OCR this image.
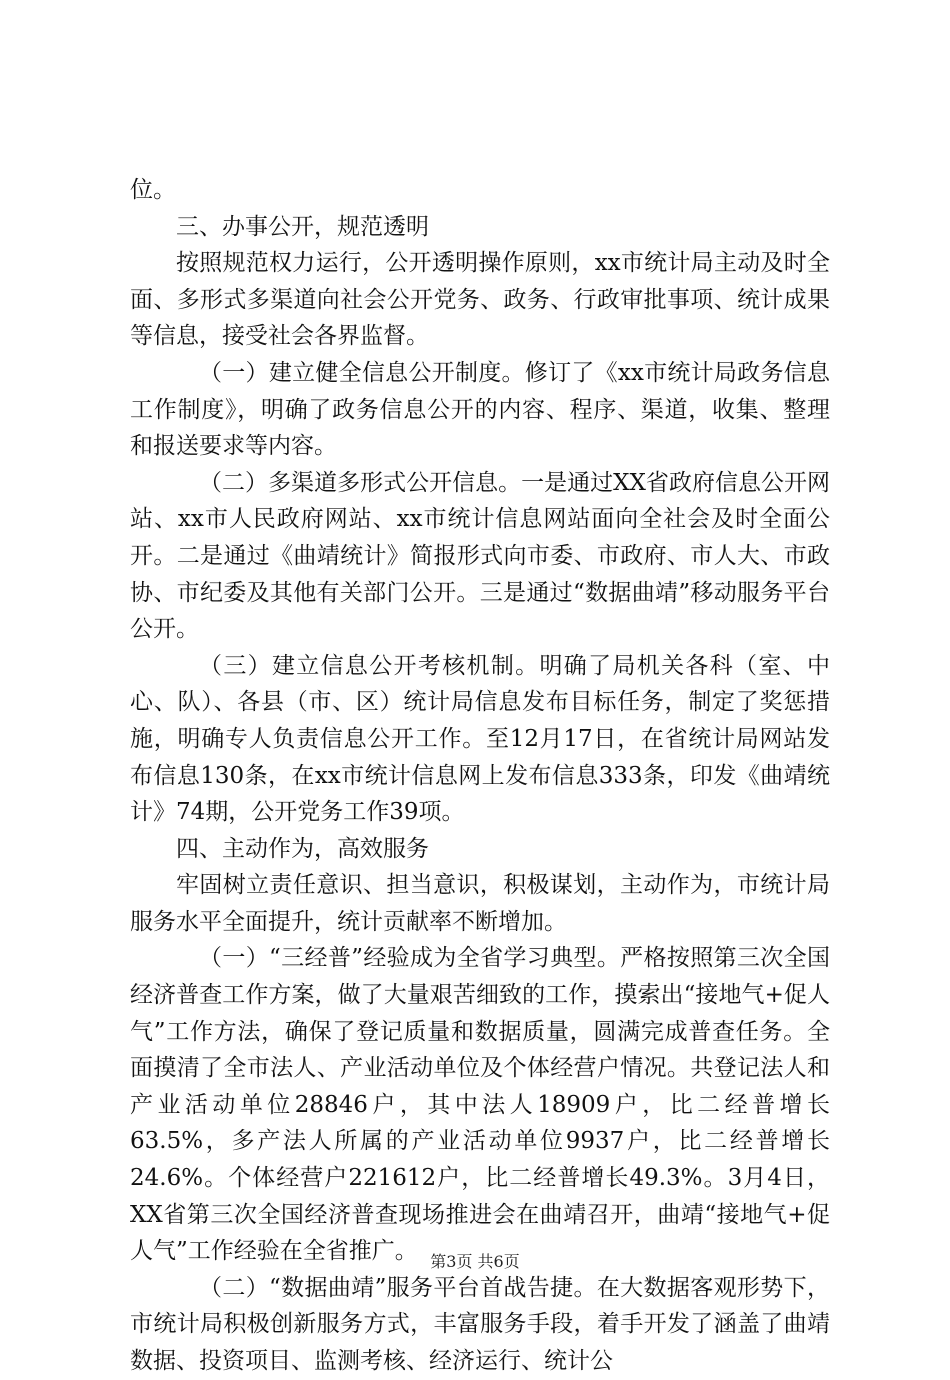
位。

三、办事公开，规范透明

按照规范权力运行，公开透明操作原则，xx市统计局主动及时全面、多形式多渠道向社会公开党务、政务、行政审批事项、统计成果等信息，接受社会各界监督。

（一）建立健全信息公开制度。修订了《xx市统计局政务信息工作制度》，明确了政务信息公开的内容、程序、渠道，收集、整理和报送要求等内容。

（二）多渠道多形式公开信息。一是通过XX省政府信息公开网站、xx市人民政府网站、xx市统计信息网站面向全社会及时全面公开。二是通过《曲靖统计》简报形式向市委、市政府、市人大、市政协、市纪委及其他有关部门公开。三是通过“数据曲靖”移动服务平台公开。

（三）建立信息公开考核机制。明确了局机关各科（室、中心、队）、各县（市、区）统计局信息发布目标任务，制定了奖惩措施，明确专人负责信息公开工作。至12月17日，在省统计局网站发布信息130条，在xx市统计信息网上发布信息333条，印发《曲靖统计》74期，公开党务工作39项。

四、主动作为，高效服务

牢固树立责任意识、担当意识，积极谋划，主动作为，市统计局服务水平全面提升，统计贡献率不断增加。

（一）“三经普”经验成为全省学习典型。严格按照第三次全国经济普查工作方案，做了大量艰苦细致的工作，摸索出“接地气+促人气”工作方法，确保了登记质量和数据质量，圆满完成普查任务。全面摸清了全市法人、产业活动单位及个体经营户情况。共登记法人和产业活动单位28846户，其中法人18909户，比二经普增长63.5%，多产法人所属的产业活动单位9937户，比二经普增长24.6%。个体经营户221612户，比二经普增长49.3%。3月4日，XX省第三次全国经济普查现场推进会在曲靖召开，曲靖“接地气+促人气”工作经验在全省推广。

（二）“数据曲靖”服务平台首战告捷。在大数据客观形势下，市统计局积极创新服务方式，丰富服务手段，着手开发了涵盖了曲靖数据、投资项目、监测考核、经济运行、统计公

第3页 共6页
